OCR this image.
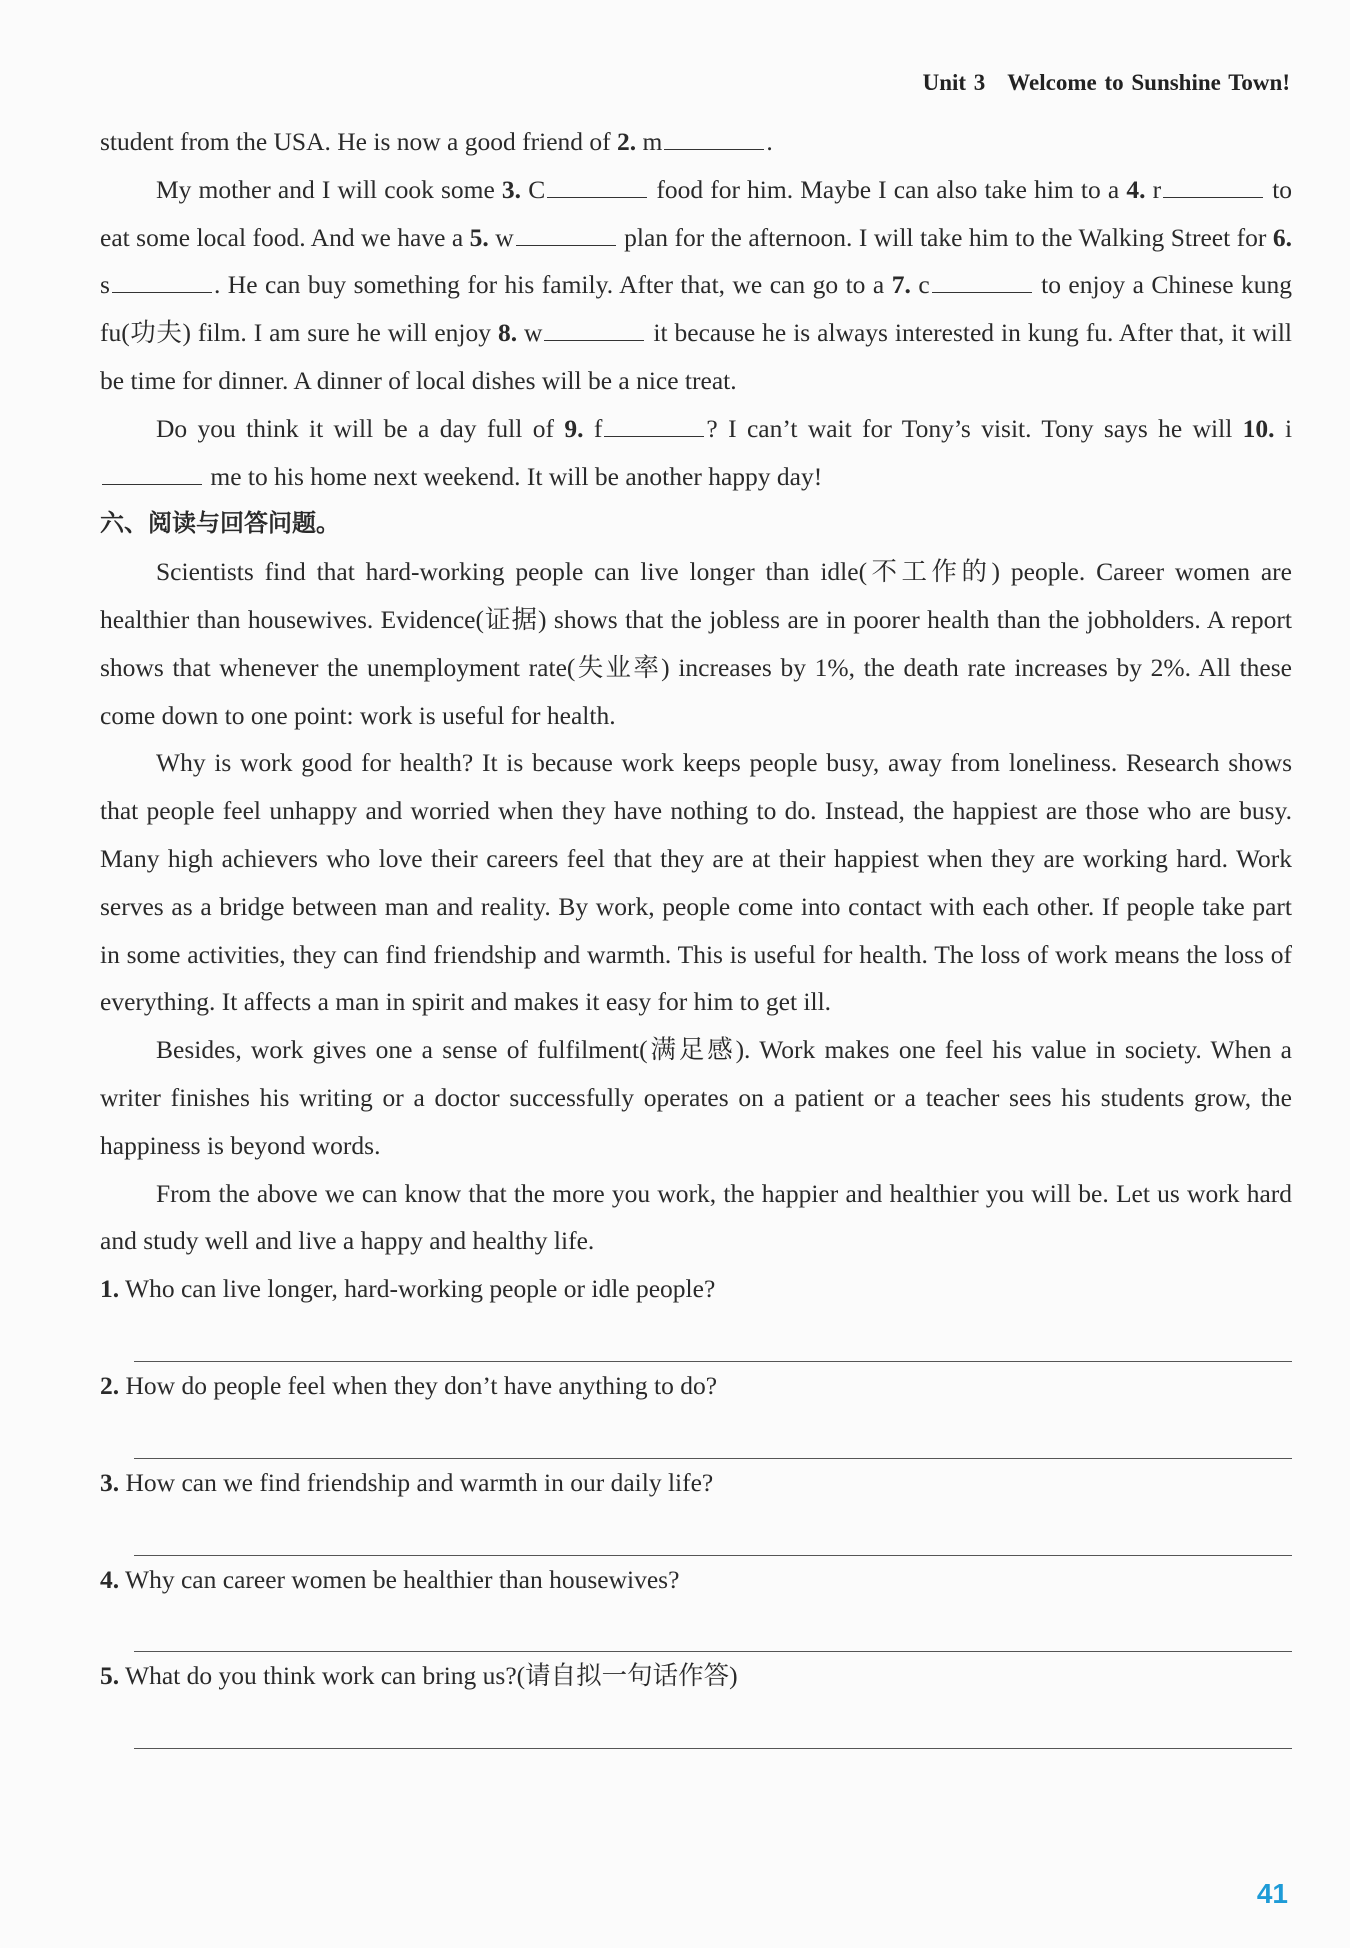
Unit 3 Welcome to Sunshine Town!

student from the USA. He is now a good friend of 2. m	.

My mother and I will cook some 3. C	food for him. Maybe I can also take him to a 4. r	to eat some local food. And we have a 5. w	plan for the afternoon. I will take him to the Walking Street for 6. s	. He can buy something for his family. After that, we can go to a 7. c	to enjoy a Chinese kung fu(功夫) film. I am sure he will enjoy 8. w	it because he is always interested in kung fu. After that, it will be time for dinner. A dinner of local dishes will be a nice treat.

Do you think it will be a day full of 9. f	? I can’t wait for Tony’s visit. Tony says he will 10. i me to his home next weekend. It will be another happy day!

六、阅读与回答问题。

Scientists find that hard-working people can live longer than idle(不工作的) people. Career women are healthier than housewives. Evidence(证据) shows that the jobless are in poorer health than the jobholders. A report shows that whenever the unemployment rate(失业率) increases by 1%, the death rate increases by 2%. All these come down to one point: work is useful for health.

Why is work good for health? It is because work keeps people busy, away from loneliness. Research shows that people feel unhappy and worried when they have nothing to do. Instead, the happiest are those who are busy. Many high achievers who love their careers feel that they are at their happiest when they are working hard. Work serves as a bridge between man and reality. By work, people come into contact with each other. If people take part in some activities, they can find friendship and warmth. This is useful for health. The loss of work means the loss of everything. It affects a man in spirit and makes it easy for him to get ill.

Besides, work gives one a sense of fulfilment(满足感). Work makes one feel his value in society. When a writer finishes his writing or a doctor successfully operates on a patient or a teacher sees his students grow, the happiness is beyond words.

From the above we can know that the more you work, the happier and healthier you will be. Let us work hard and study well and live a happy and healthy life.

1. Who can live longer, hard-working people or idle people?

2. How do people feel when they don’t have anything to do?

3. How can we find friendship and warmth in our daily life?

4. Why can career women be healthier than housewives?

5. What do you think work can bring us?(请自拟一句话作答)

41
